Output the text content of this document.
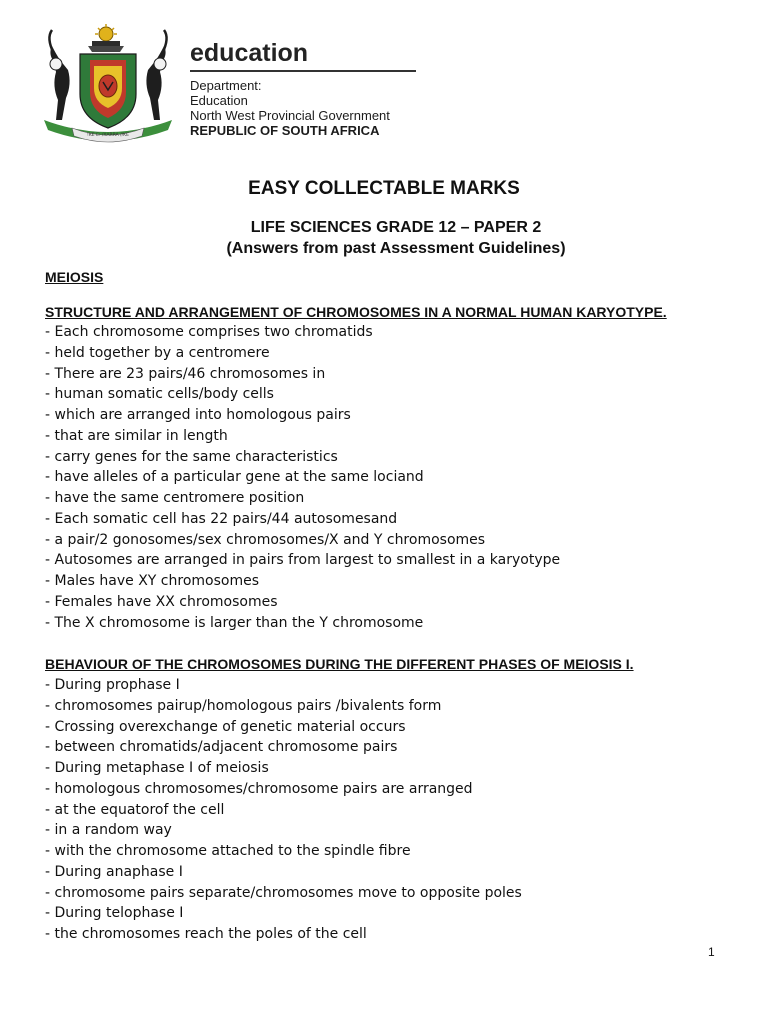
!KE E: /XARRA //KE
education
Department:
Education
North West Provincial Government
REPUBLIC OF SOUTH AFRICA
EASY COLLECTABLE MARKS
LIFE SCIENCES GRADE 12 – PAPER 2
(Answers from past Assessment Guidelines)
MEIOSIS
STRUCTURE AND ARRANGEMENT OF CHROMOSOMES IN A NORMAL HUMAN KARYOTYPE.
- Each chromosome comprises two chromatids
- held together by a centromere
- There are 23 pairs/46 chromosomes in
- human somatic cells/body cells
- which are arranged into homologous pairs
- that are similar in length
- carry genes for the same characteristics
- have alleles of a particular gene at the same lociand
- have the same centromere position
- Each somatic cell has 22 pairs/44 autosomesand
- a pair/2 gonosomes/sex chromosomes/X and Y chromosomes
- Autosomes are arranged in pairs from largest to smallest in a karyotype
- Males have XY chromosomes
- Females have XX chromosomes
- The X chromosome is larger than the Y chromosome
BEHAVIOUR OF THE CHROMOSOMES DURING THE DIFFERENT PHASES OF MEIOSIS I.
- During prophase I
- chromosomes pairup/homologous pairs /bivalents form
- Crossing overexchange of genetic material occurs
- between chromatids/adjacent chromosome pairs
- During metaphase I of meiosis
- homologous chromosomes/chromosome pairs are arranged
- at the equatorof the cell
- in a random way
- with the chromosome attached to the spindle fibre
- During anaphase I
- chromosome pairs separate/chromosomes move to opposite poles
- During telophase I
- the chromosomes reach the poles of the cell
1
